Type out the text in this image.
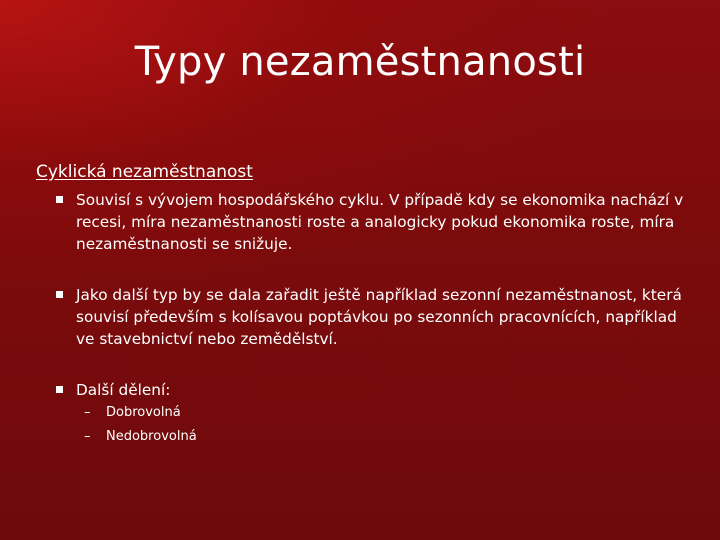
Typy nezaměstnanosti
Cyklická nezaměstnanost
Souvisí s vývojem hospodářského cyklu. V případě kdy se ekonomika nachází v recesi, míra nezaměstnanosti roste a analogicky pokud ekonomika roste, míra nezaměstnanosti se snižuje.
Jako další typ by se dala zařadit ještě například sezonní nezaměstnanost, která souvisí především s kolísavou poptávkou po sezonních pracovnících, například ve stavebnictví nebo zemědělství.
Další dělení:
–	Dobrovolná
–	Nedobrovolná
